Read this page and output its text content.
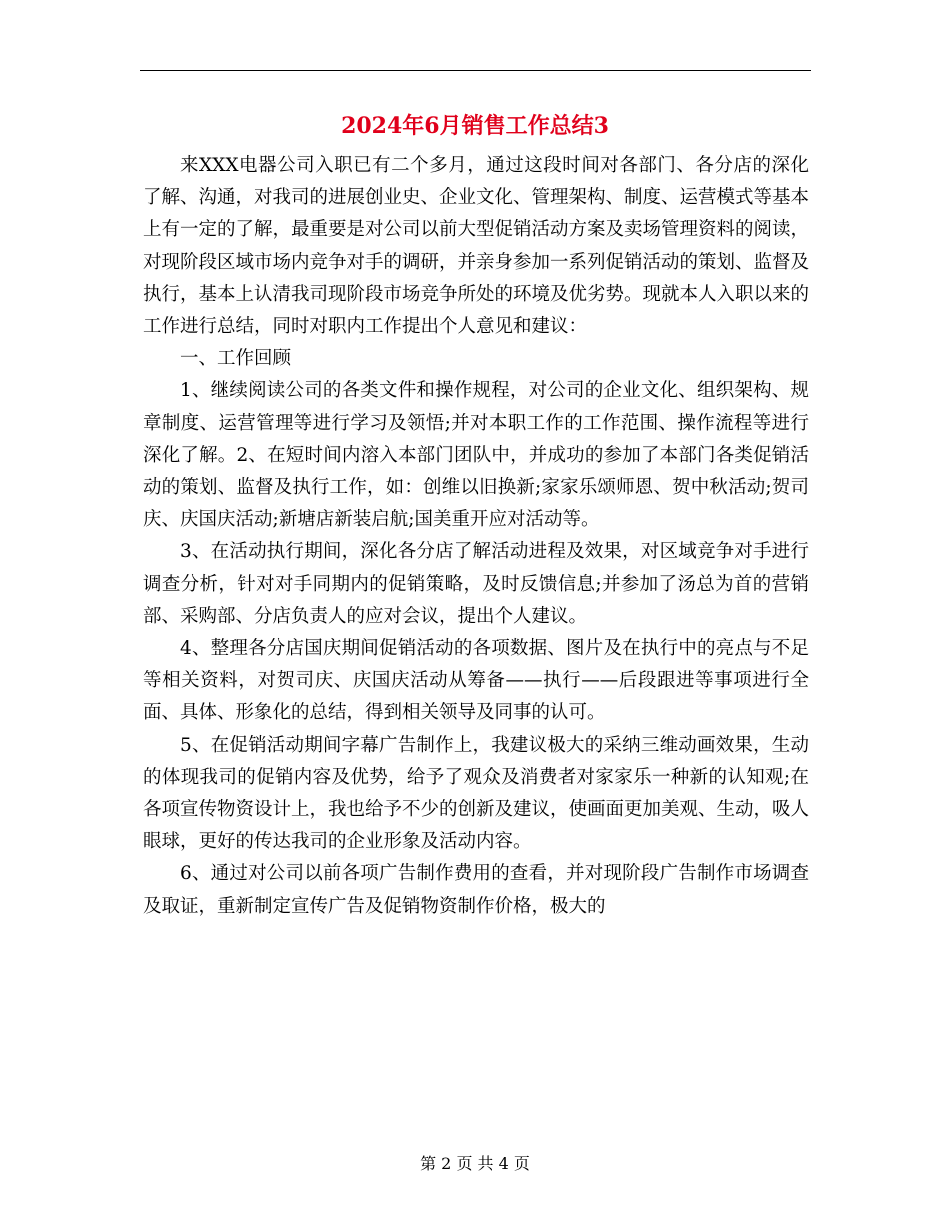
2024年6月销售工作总结3

来XXX电器公司入职已有二个多月，通过这段时间对各部门、各分店的深化了解、沟通，对我司的进展创业史、企业文化、管理架构、制度、运营模式等基本上有一定的了解，最重要是对公司以前大型促销活动方案及卖场管理资料的阅读，对现阶段区域市场内竞争对手的调研，并亲身参加一系列促销活动的策划、监督及执行，基本上认清我司现阶段市场竞争所处的环境及优劣势。现就本人入职以来的工作进行总结，同时对职内工作提出个人意见和建议：

一、工作回顾

1、继续阅读公司的各类文件和操作规程，对公司的企业文化、组织架构、规章制度、运营管理等进行学习及领悟;并对本职工作的工作范围、操作流程等进行深化了解。2、在短时间内溶入本部门团队中，并成功的参加了本部门各类促销活动的策划、监督及执行工作，如：创维以旧换新;家家乐颂师恩、贺中秋活动;贺司庆、庆国庆活动;新塘店新装启航;国美重开应对活动等。

3、在活动执行期间，深化各分店了解活动进程及效果，对区域竞争对手进行调查分析，针对对手同期内的促销策略，及时反馈信息;并参加了汤总为首的营销部、采购部、分店负责人的应对会议，提出个人建议。

4、整理各分店国庆期间促销活动的各项数据、图片及在执行中的亮点与不足等相关资料，对贺司庆、庆国庆活动从筹备——执行——后段跟进等事项进行全面、具体、形象化的总结，得到相关领导及同事的认可。

5、在促销活动期间字幕广告制作上，我建议极大的采纳三维动画效果，生动的体现我司的促销内容及优势，给予了观众及消费者对家家乐一种新的认知观;在各项宣传物资设计上，我也给予不少的创新及建议，使画面更加美观、生动，吸人眼球，更好的传达我司的企业形象及活动内容。

6、通过对公司以前各项广告制作费用的查看，并对现阶段广告制作市场调查及取证，重新制定宣传广告及促销物资制作价格，极大的

第 2 页 共 4 页
